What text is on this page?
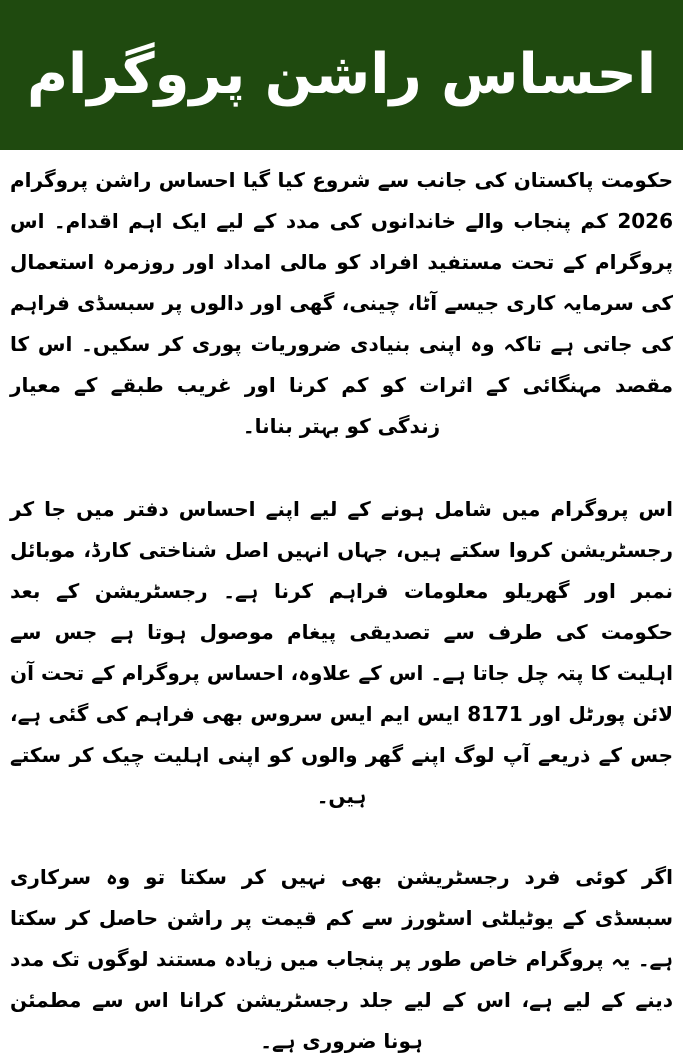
احساس راشن پروگرام

حکومت پاکستان کی جانب سے شروع کیا گیا احساس راشن پروگرام 2026 کم پنجاب والے خاندانوں کی مدد کے لیے ایک اہم اقدام۔ اس پروگرام کے تحت مستفید افراد کو مالی امداد اور روزمرہ استعمال کی سرمایہ کاری جیسے آٹا، چینی، گھی اور دالوں پر سبسڈی فراہم کی جاتی ہے تاکہ وہ اپنی بنیادی ضروریات پوری کر سکیں۔ اس کا مقصد مہنگائی کے اثرات کو کم کرنا اور غریب طبقے کے معیار زندگی کو بہتر بنانا۔

اس پروگرام میں شامل ہونے کے لیے اپنے احساس دفتر میں جا کر رجسٹریشن کروا سکتے ہیں، جہاں انہیں اصل شناختی کارڈ، موبائل نمبر اور گھریلو معلومات فراہم کرنا ہے۔ رجسٹریشن کے بعد حکومت کی طرف سے تصدیقی پیغام موصول ہوتا ہے جس سے اہلیت کا پتہ چل جاتا ہے۔ اس کے علاوہ، احساس پروگرام کے تحت آن لائن پورٹل اور 8171 ایس ایم ایس سروس بھی فراہم کی گئی ہے، جس کے ذریعے آپ لوگ اپنے گھر والوں کو اپنی اہلیت چیک کر سکتے ہیں۔

اگر کوئی فرد رجسٹریشن بھی نہیں کر سکتا تو وہ سرکاری سبسڈی کے یوٹیلٹی اسٹورز سے کم قیمت پر راشن حاصل کر سکتا ہے۔ یہ پروگرام خاص طور پر پنجاب میں زیادہ مستند لوگوں تک مدد دینے کے لیے ہے، اس کے لیے جلد رجسٹریشن کرانا اس سے مطمئن ہونا ضروری ہے۔
